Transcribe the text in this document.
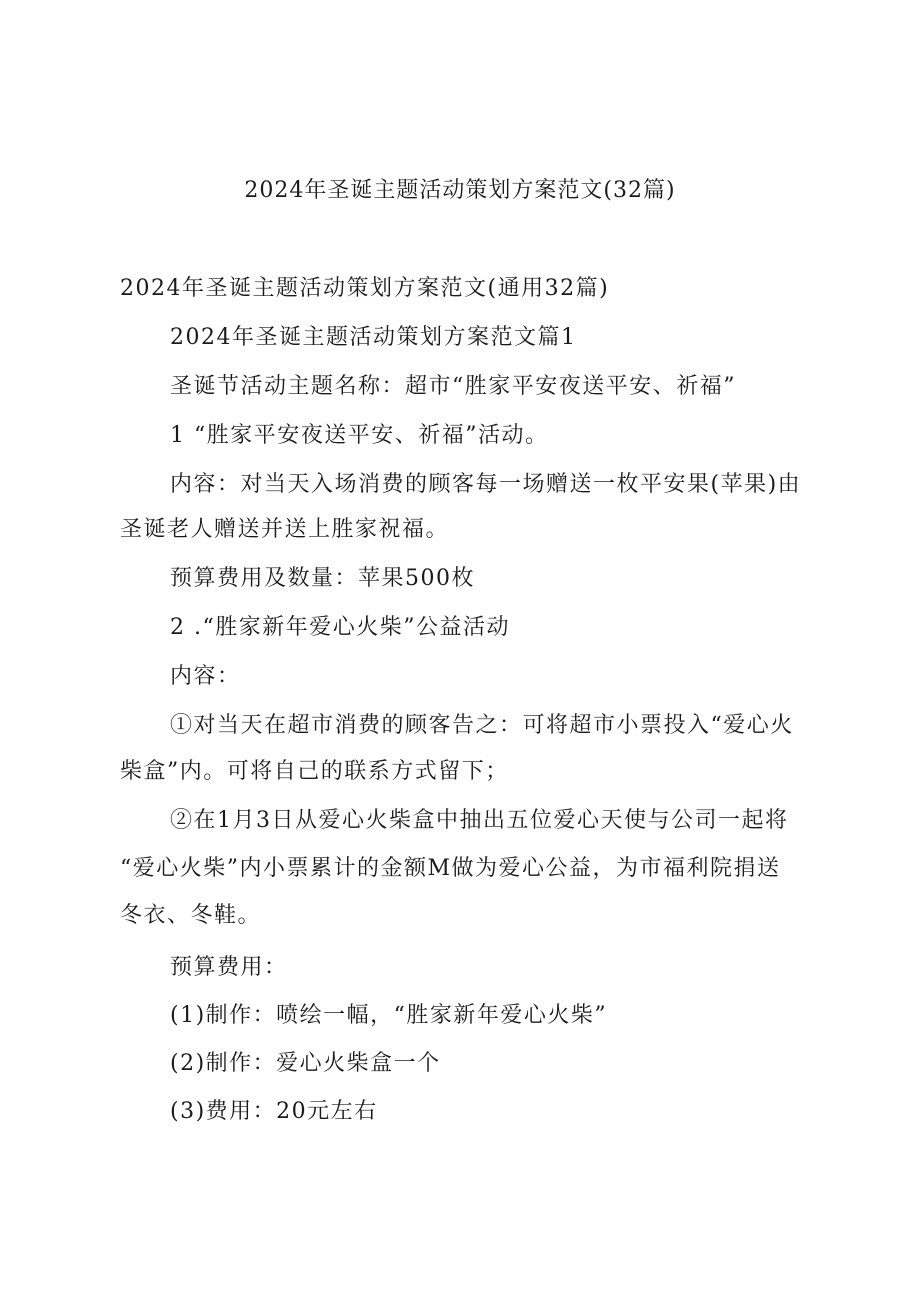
2024年圣诞主题活动策划方案范文(32篇)
2024年圣诞主题活动策划方案范文(通用32篇)
2024年圣诞主题活动策划方案范文篇1
圣诞节活动主题名称：超市“胜家平安夜送平安、祈福”
1 “胜家平安夜送平安、祈福”活动。
内容：对当天入场消费的顾客每一场赠送一枚平安果(苹果)由
圣诞老人赠送并送上胜家祝福。
预算费用及数量：苹果500枚
2 .“胜家新年爱心火柴”公益活动
内容：
①对当天在超市消费的顾客告之：可将超市小票投入“爱心火
柴盒”内。可将自己的联系方式留下；
②在1月3日从爱心火柴盒中抽出五位爱心天使与公司一起将
“爱心火柴”内小票累计的金额M做为爱心公益，为市福利院捐送
冬衣、冬鞋。
预算费用：
(1)制作：喷绘一幅，“胜家新年爱心火柴”
(2)制作：爱心火柴盒一个
(3)费用：20元左右
